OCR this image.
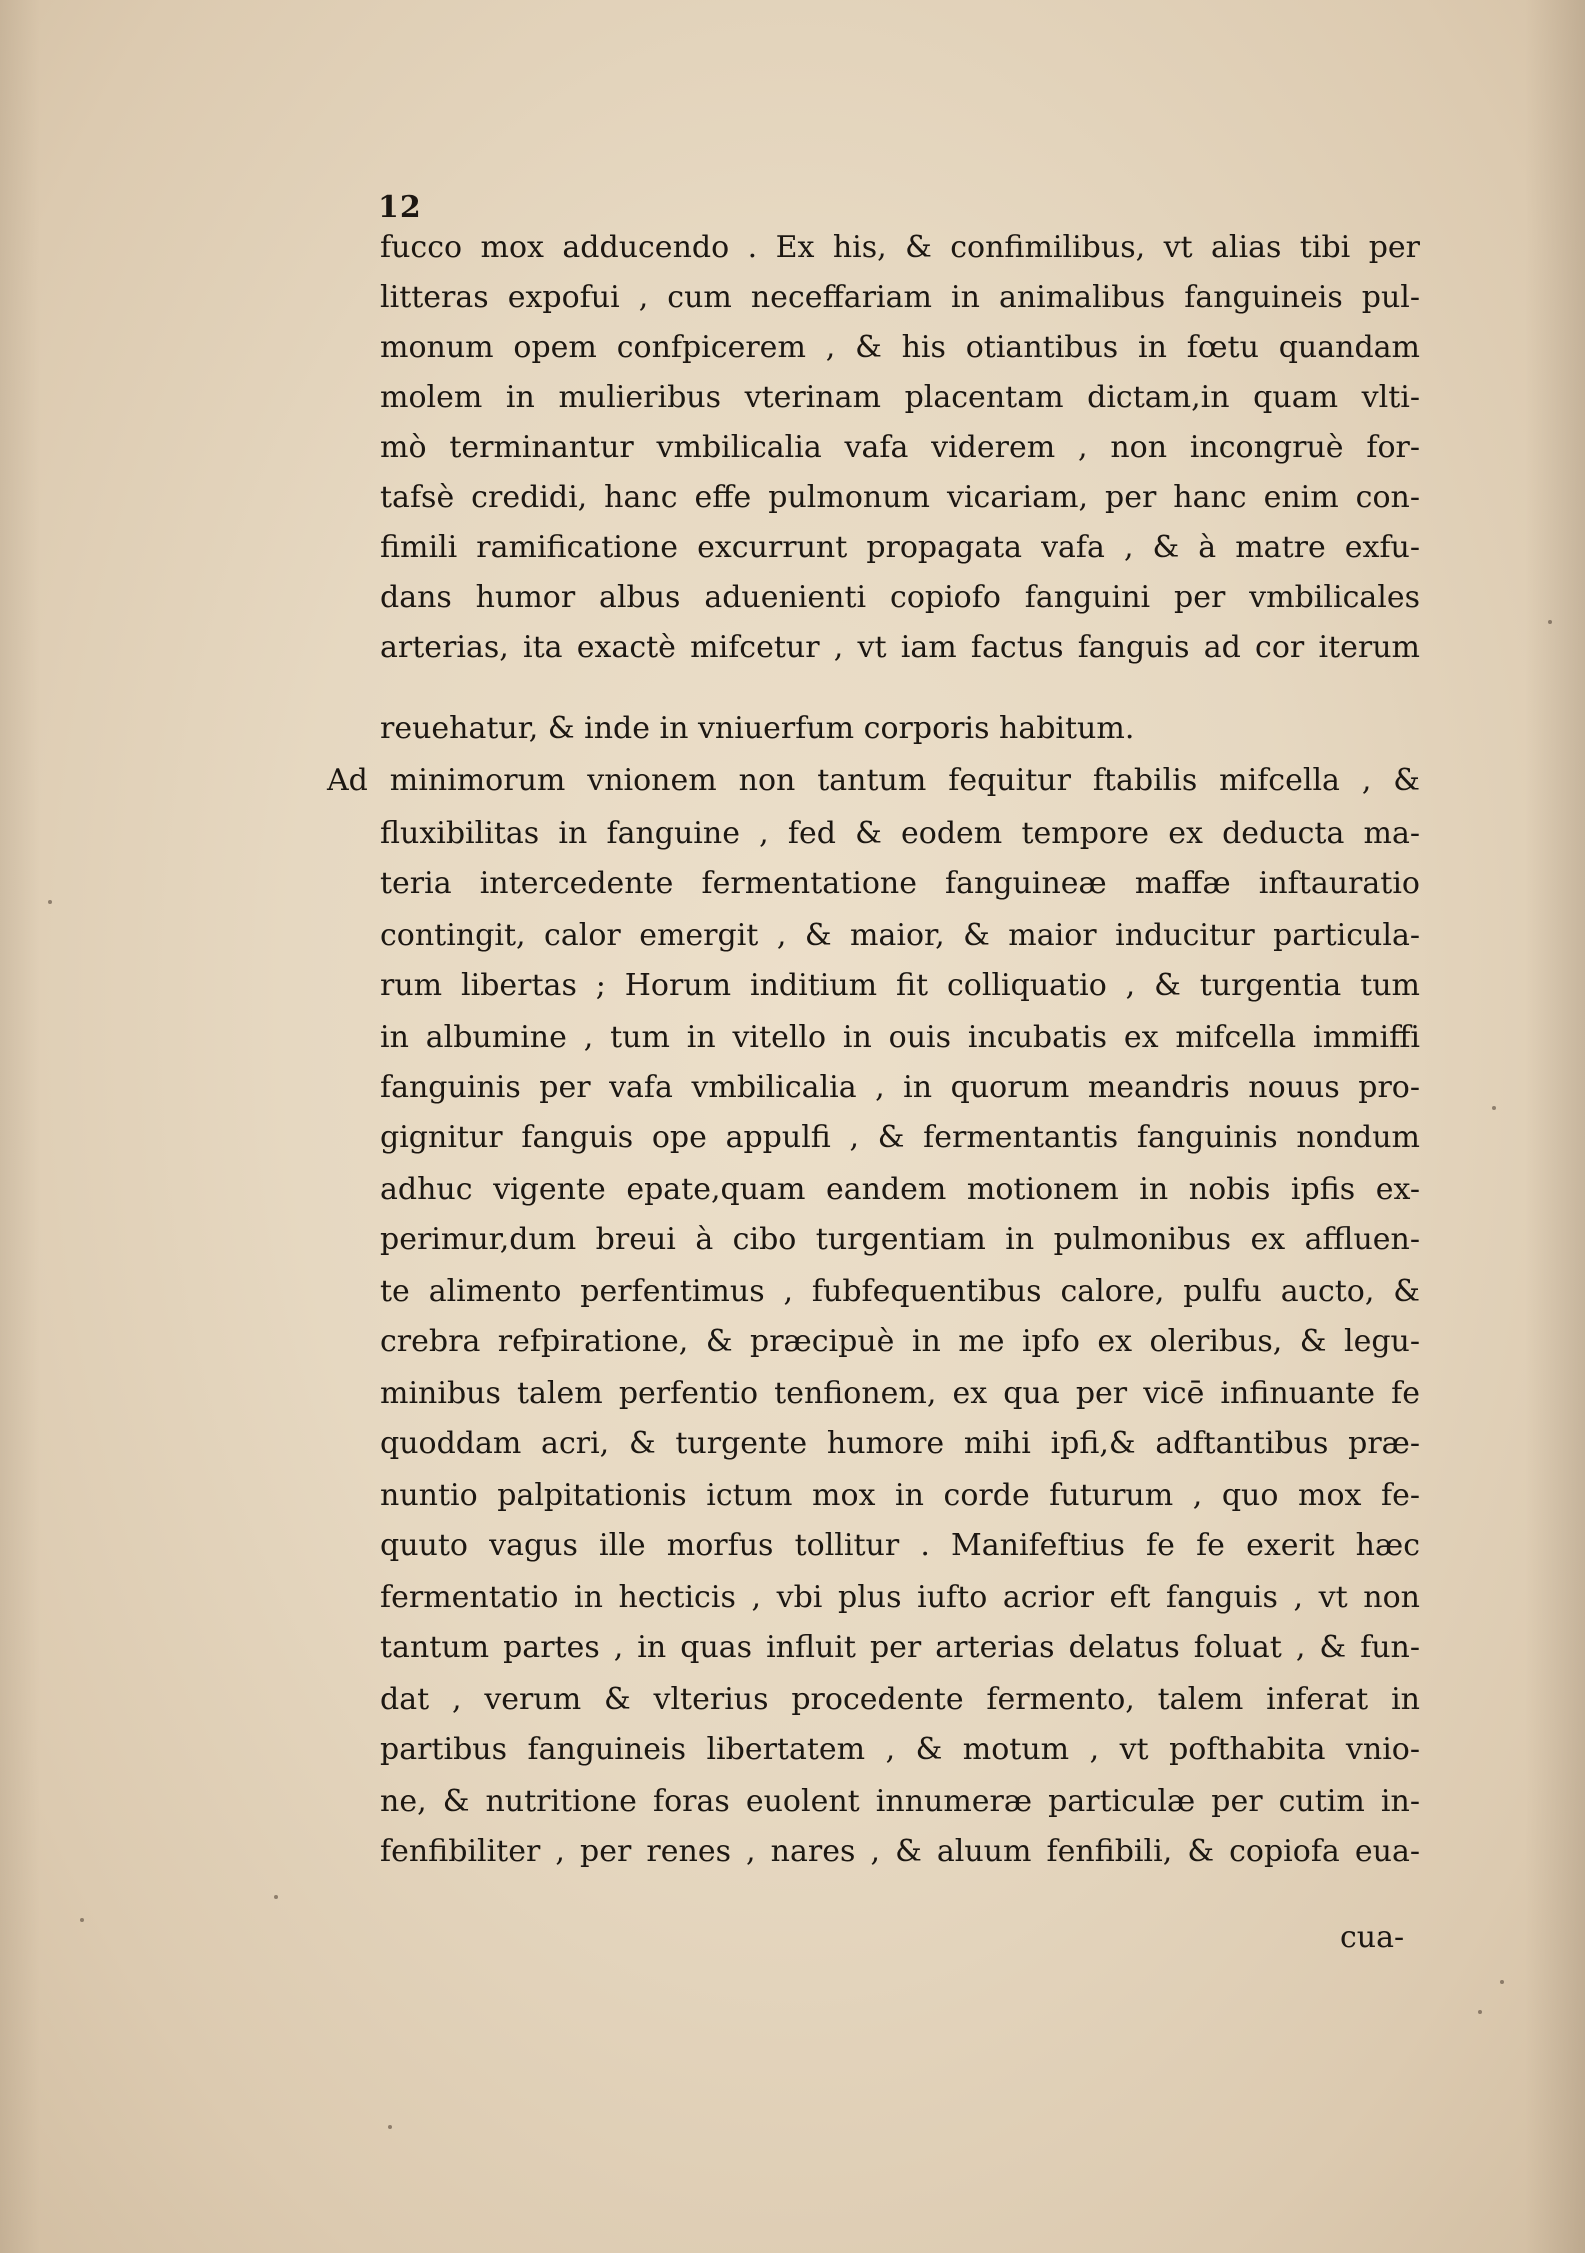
12
fucco mox adducendo . Ex his, & confimilibus, vt alias tibi per
litteras expofui , cum neceffariam in animalibus fanguineis pul-
monum opem confpicerem , & his otiantibus in fœtu quandam
molem in mulieribus vterinam placentam dictam,in quam vlti-
mò terminantur vmbilicalia vafa viderem , non incongruè for-
tafsè credidi, hanc effe pulmonum vicariam, per hanc enim con-
fimili ramificatione excurrunt propagata vafa , & à matre exfu-
dans humor albus aduenienti copiofo fanguini per vmbilicales
arterias, ita exactè mifcetur , vt iam factus fanguis ad cor iterum
reuehatur, & inde in vniuerfum corporis habitum.
Ad minimorum vnionem non tantum fequitur ftabilis mifcella , &
fluxibilitas in fanguine , fed & eodem tempore ex deducta ma-
teria intercedente fermentatione fanguineæ maffæ inftauratio
contingit, calor emergit , & maior, & maior inducitur particula-
rum libertas ; Horum inditium fit colliquatio , & turgentia tum
in albumine , tum in vitello in ouis incubatis ex mifcella immiffi
fanguinis per vafa vmbilicalia , in quorum meandris nouus pro-
gignitur fanguis ope appulfi , & fermentantis fanguinis nondum
adhuc vigente epate,quam eandem motionem in nobis ipfis ex-
perimur,dum breui à cibo turgentiam in pulmonibus ex affluen-
te alimento perfentimus , fubfequentibus calore, pulfu aucto, &
crebra refpiratione, & præcipuè in me ipfo ex oleribus, & legu-
minibus talem perfentio tenfionem, ex qua per vicē infinuante fe
quoddam acri, & turgente humore mihi ipfi,& adftantibus præ-
nuntio palpitationis ictum mox in corde futurum , quo mox fe-
quuto vagus ille morfus tollitur . Manifeftius fe fe exerit hæc
fermentatio in hecticis , vbi plus iufto acrior eft fanguis , vt non
tantum partes , in quas influit per arterias delatus foluat , & fun-
dat , verum & vlterius procedente fermento, talem inferat in
partibus fanguineis libertatem , & motum , vt pofthabita vnio-
ne, & nutritione foras euolent innumeræ particulæ per cutim in-
fenfibiliter , per renes , nares , & aluum fenfibili, & copiofa eua-
cua-
